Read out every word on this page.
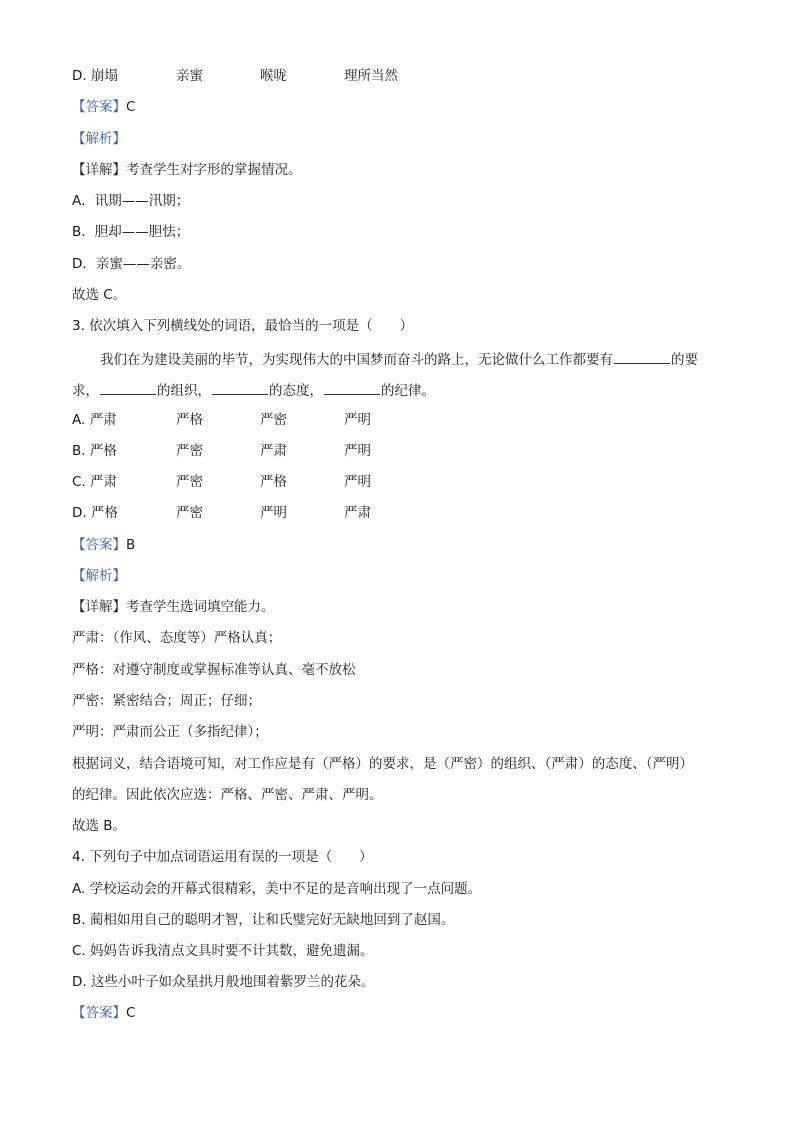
D. 崩塌	亲蜜	喉咙	理所当然
【答案】C
【解析】
【详解】考查学生对字形的掌握情况。
A．讯期——汛期；
B．胆却——胆怯；
D．亲蜜——亲密。
故选 C。
3. 依次填入下列横线处的词语，最恰当的一项是（　　）
我们在为建设美丽的毕节，为实现伟大的中国梦而奋斗的路上，无论做什么工作都要有	的要
求，	的组织，	的态度，	的纪律。
A. 严肃	严格	严密	严明
B. 严格	严密	严肃	严明
C. 严肃	严密	严格	严明
D. 严格	严密	严明	严肃
【答案】B
【解析】
【详解】考查学生选词填空能力。
严肃：（作风、态度等）严格认真；
严格：对遵守制度或掌握标准等认真、毫不放松
严密：紧密结合；周正；仔细；
严明：严肃而公正（多指纪律）；
根据词义，结合语境可知，对工作应是有（严格）的要求，是（严密）的组织、（严肃）的态度、（严明）
的纪律。因此依次应选：严格、严密、严肃、严明。
故选 B。
4. 下列句子中加点词语运用有误的一项是（　　）
A. 学校运动会的开幕式很精彩，美中不足的是音响出现了一点问题。
B. 蔺相如用自己的聪明才智，让和氏璧完好无缺地回到了赵国。
C. 妈妈告诉我清点文具时要不计其数，避免遗漏。
D. 这些小叶子如众星拱月般地围着紫罗兰的花朵。
【答案】C
